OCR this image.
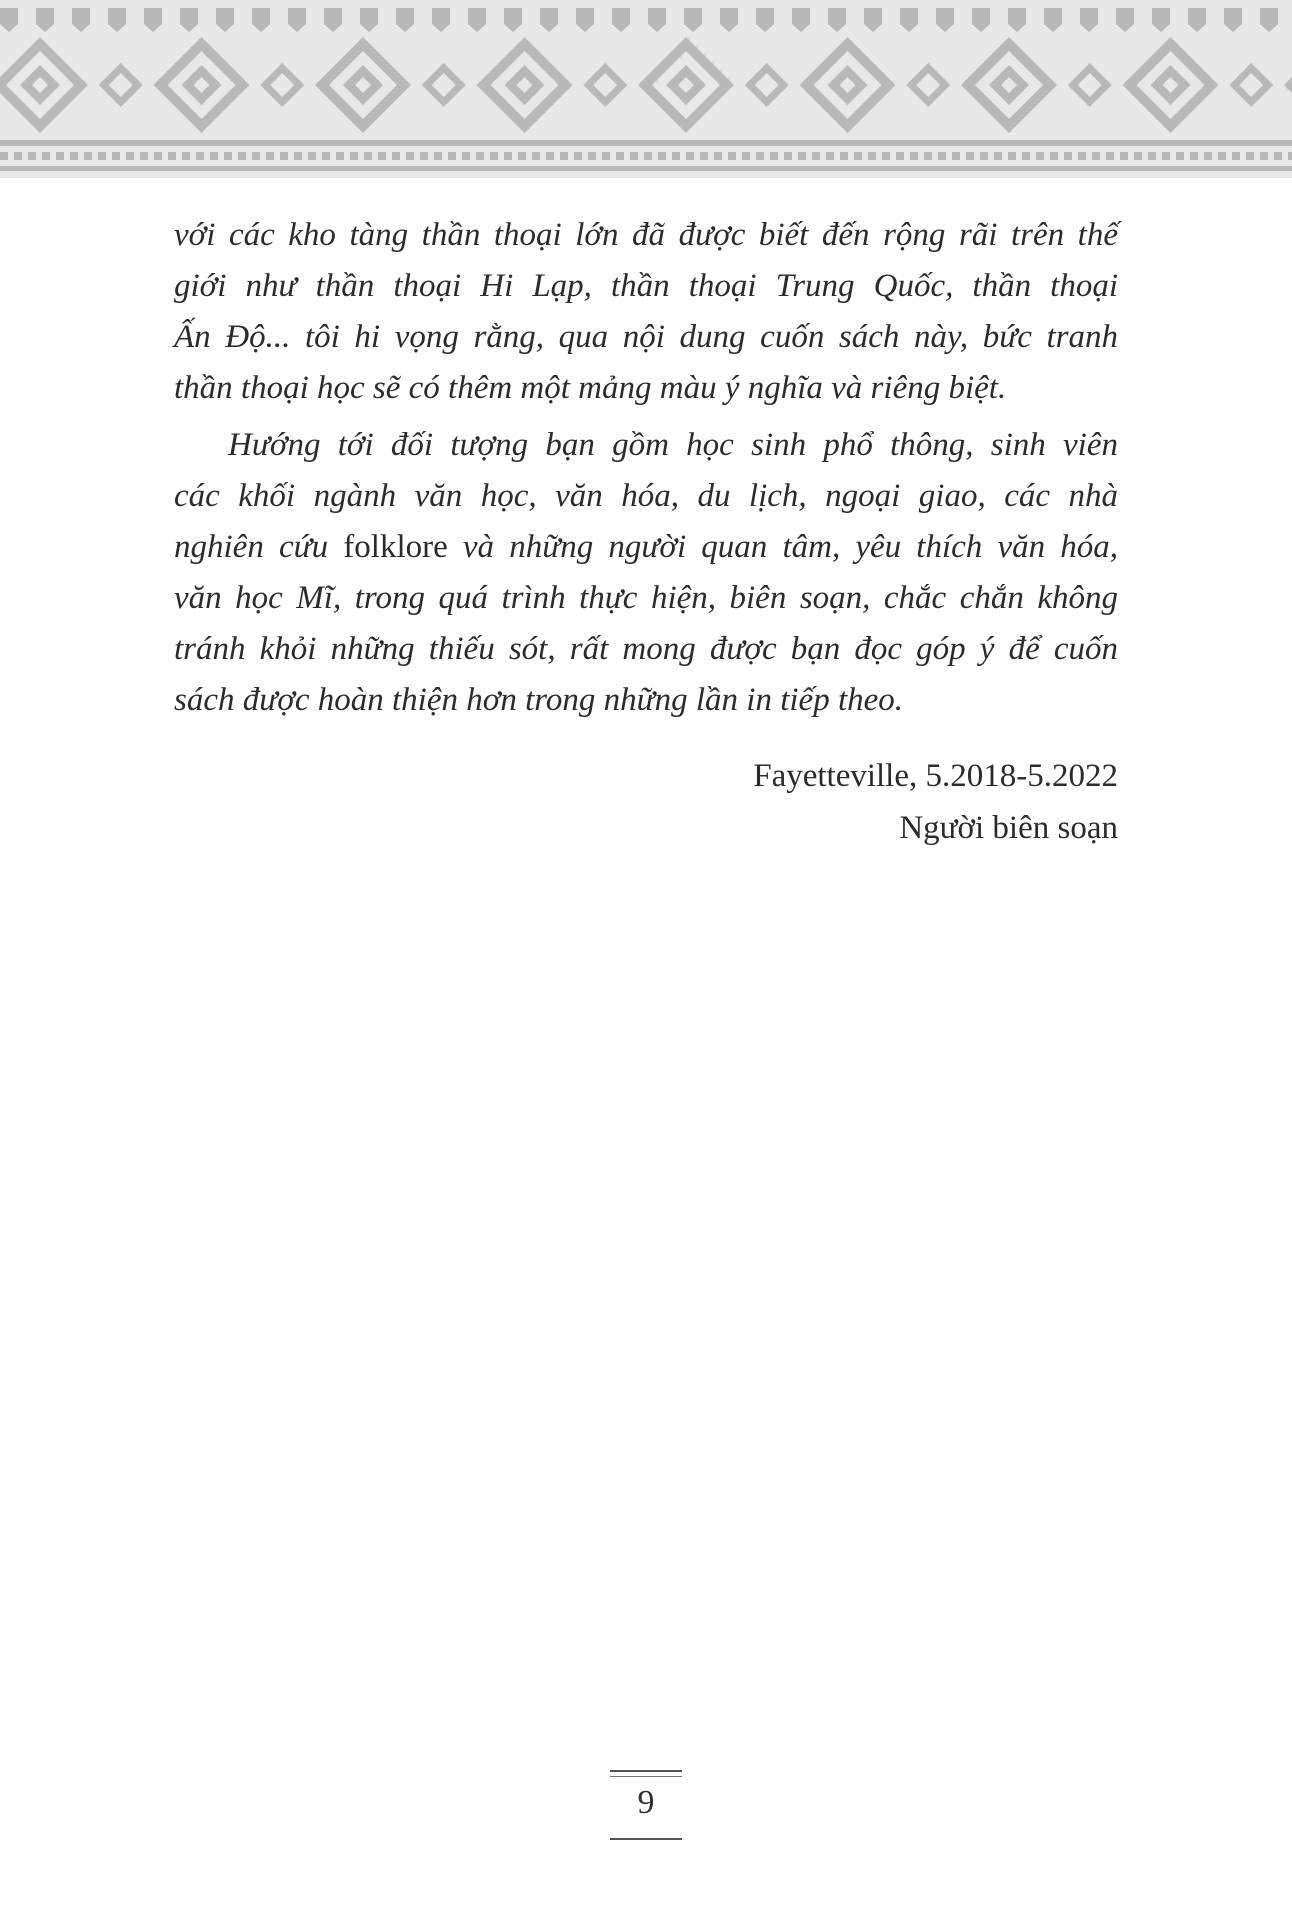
với các kho tàng thần thoại lớn đã được biết đến rộng rãi trên thế
giới như thần thoại Hi Lạp, thần thoại Trung Quốc, thần thoại
Ấn Độ... tôi hi vọng rằng, qua nội dung cuốn sách này, bức tranh
thần thoại học sẽ có thêm một mảng màu ý nghĩa và riêng biệt.

Hướng tới đối tượng bạn gồm học sinh phổ thông, sinh viên
các khối ngành văn học, văn hóa, du lịch, ngoại giao, các nhà
nghiên cứu folklore và những người quan tâm, yêu thích văn hóa,
văn học Mĩ, trong quá trình thực hiện, biên soạn, chắc chắn không
tránh khỏi những thiếu sót, rất mong được bạn đọc góp ý để cuốn
sách được hoàn thiện hơn trong những lần in tiếp theo.

Fayetteville, 5.2018-5.2022
Người biên soạn
9
